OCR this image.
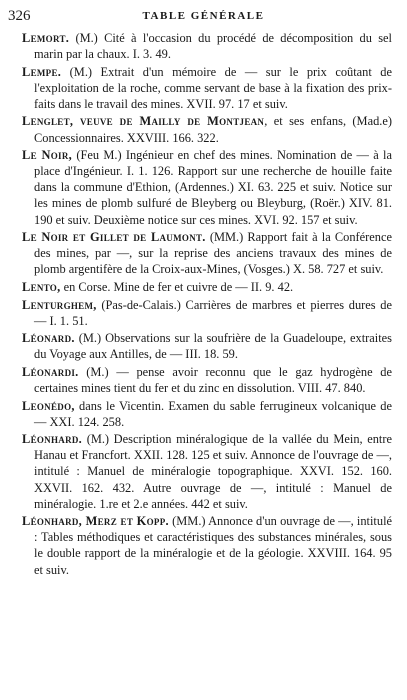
326	TABLE GÉNÉRALE

Lemort. (M.) Cité à l'occasion du procédé de décomposition du sel marin par la chaux. I. 3. 49.

Lempe. (M.) Extrait d'un mémoire de — sur le prix coûtant de l'exploitation de la roche, comme servant de base à la fixation des prix-faits dans le travail des mines. XVII. 97. 17 et suiv.

Lenglet, veuve de Mailly de Montjean, et ses enfans, (Mad.e) Concessionnaires. XXVIII. 166. 322.

Le Noir, (Feu M.) Ingénieur en chef des mines. Nomination de — à la place d'Ingénieur. I. 1. 126. Rapport sur une recherche de houille faite dans la commune d'Ethion, (Ardennes.) XI. 63. 225 et suiv. Notice sur les mines de plomb sulfuré de Bleyberg ou Bleyburg, (Roër.) XIV. 81. 190 et suiv. Deuxième notice sur ces mines. XVI. 92. 157 et suiv.

Le Noir et Gillet de Laumont. (MM.) Rapport fait à la Conférence des mines, par —, sur la reprise des anciens travaux des mines de plomb argentifère de la Croix-aux-Mines, (Vosges.) X. 58. 727 et suiv.

Lento, en Corse. Mine de fer et cuivre de — II. 9. 42.

Lenturghem, (Pas-de-Calais.) Carrières de marbres et pierres dures de — I. 1. 51.

Léonard. (M.) Observations sur la soufrière de la Guadeloupe, extraites du Voyage aux Antilles, de — III. 18. 59.

Léonardi. (M.) — pense avoir reconnu que le gaz hydrogène de certaines mines tient du fer et du zinc en dissolution. VIII. 47. 840.

Leonédo, dans le Vicentin. Examen du sable ferrugineux volcanique de — XXI. 124. 258.

Léonhard. (M.) Description minéralogique de la vallée du Mein, entre Hanau et Francfort. XXII. 128. 125 et suiv. Annonce de l'ouvrage de —, intitulé : Manuel de minéralogie topographique. XXVI. 152. 160. XXVII. 162. 432. Autre ouvrage de —, intitulé : Manuel de minéralogie. 1.re et 2.e années. 442 et suiv.

Léonhard, Merz et Kopp. (MM.) Annonce d'un ouvrage de —, intitulé : Tables méthodiques et caractéristiques des substances minérales, sous le double rapport de la minéralogie et de la géologie. XXVIII. 164. 95 et suiv.
